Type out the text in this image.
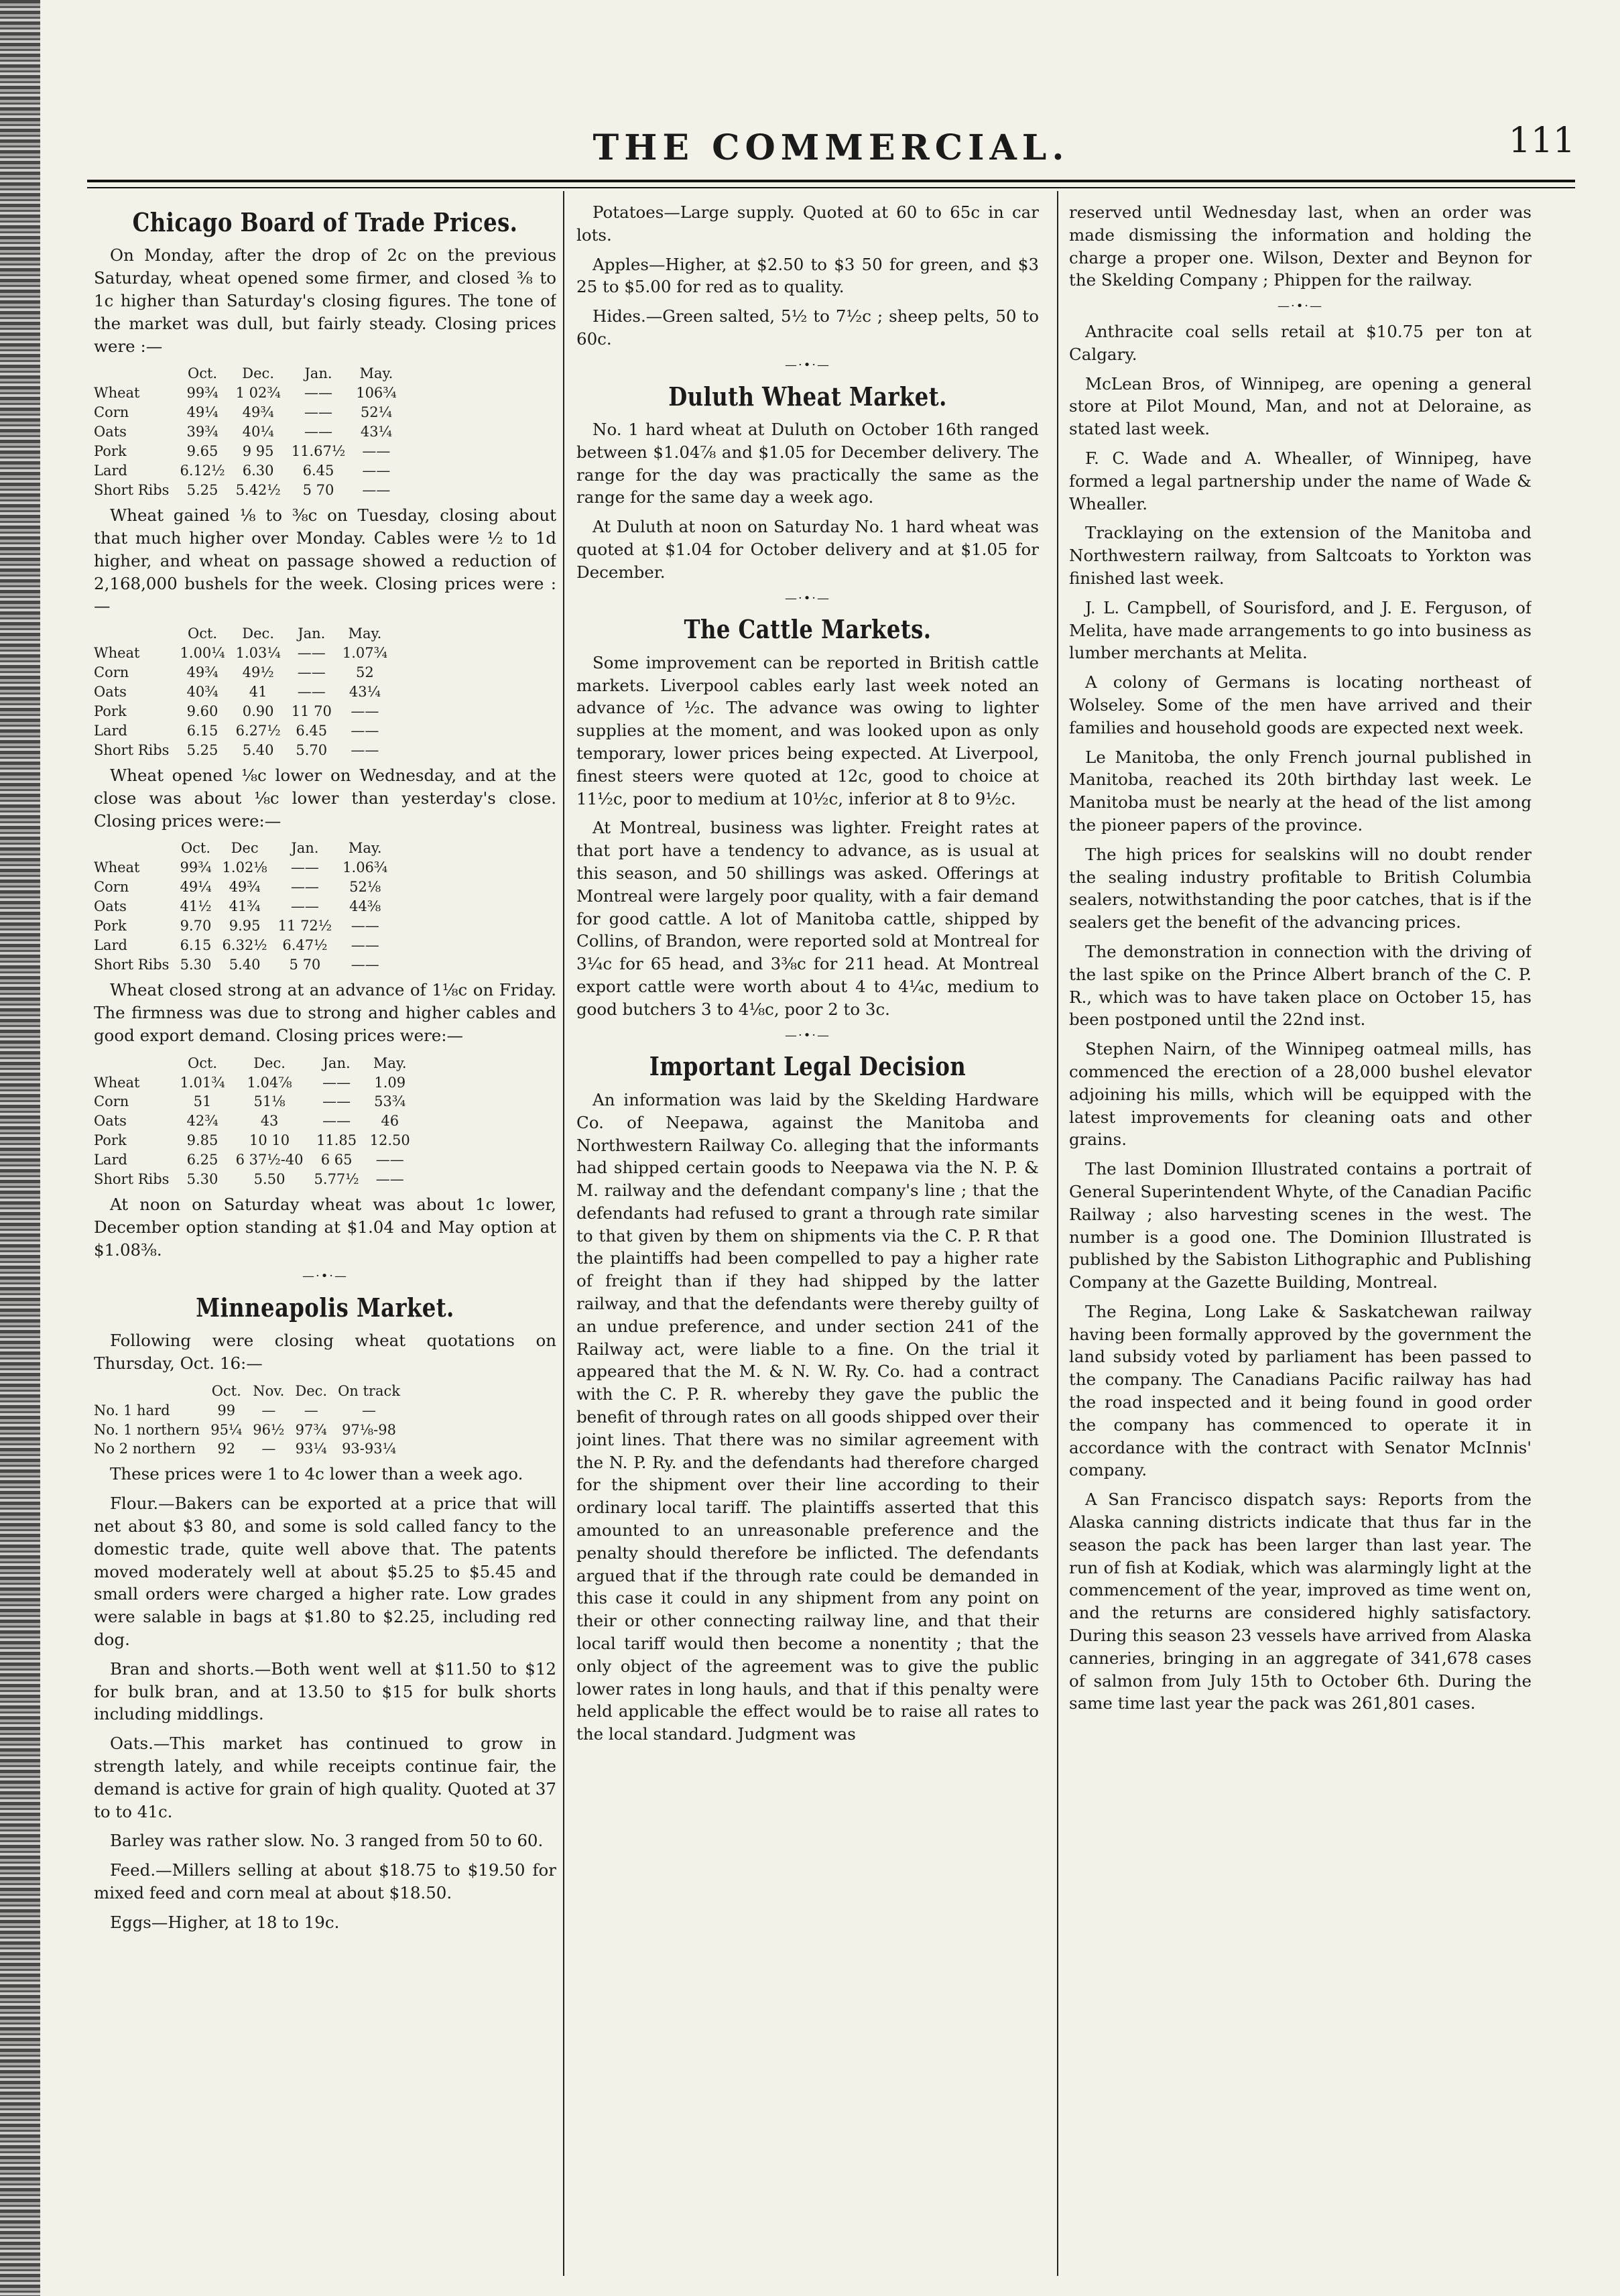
THE COMMERCIAL.	111
Chicago Board of Trade Prices.

On Monday, after the drop of 2c on the previous Saturday, wheat opened some firmer, and closed ⅜ to 1c higher than Saturday's closing figures. The tone of the market was dull, but fairly steady. Closing prices were :—

	Oct.	Dec.	Jan.	May.
Wheat	99¾	1 02¾	——	106¾
Corn	49¼	49¾	——	52¼
Oats	39¾	40¼	——	43¼
Pork	9.65	9 95	11.67½	——
Lard	6.12½	6.30	6.45	——
Short Ribs	5.25	5.42½	5 70	——

Wheat gained ⅛ to ⅜c on Tuesday, closing about that much higher over Monday. Cables were ½ to 1d higher, and wheat on passage showed a reduction of 2,168,000 bushels for the week. Closing prices were :—

	Oct.	Dec.	Jan.	May.
Wheat	1.00¼	1.03¼	——	1.07¾
Corn	49¾	49½	——	52
Oats	40¾	41	——	43¼
Pork	9.60	0.90	11 70	——
Lard	6.15	6.27½	6.45	——
Short Ribs	5.25	5.40	5.70	——

Wheat opened ⅛c lower on Wednesday, and at the close was about ⅛c lower than yesterday's close. Closing prices were:—

	Oct.	Dec	Jan.	May.
Wheat	99¾	1.02⅛	——	1.06¾
Corn	49¼	49¾	——	52⅛
Oats	41½	41¾	——	44⅜
Pork	9.70	9.95	11 72½	——
Lard	6.15	6.32½	6.47½	——
Short Ribs	5.30	5.40	5 70	——

Wheat closed strong at an advance of 1⅛c on Friday. The firmness was due to strong and higher cables and good export demand. Closing prices were:—

	Oct.	Dec.	Jan.	May.
Wheat	1.01¾	1.04⅞	——	1.09
Corn	51	51⅛	——	53¾
Oats	42¾	43	——	46
Pork	9.85	10 10	11.85	12.50
Lard	6.25	6 37½-40	6 65	——
Short Ribs	5.30	5.50	5.77½	——

At noon on Saturday wheat was about 1c lower, December option standing at $1.04 and May option at $1.08⅜.

—·•·—
Minneapolis Market.

Following were closing wheat quotations on Thursday, Oct. 16:—

	Oct.	Nov.	Dec.	On track
No. 1 hard	99	—	—	—
No. 1 northern	95¼	96½	97¾	97⅛-98
No 2 northern	92	—	93¼	93-93¼

These prices were 1 to 4c lower than a week ago.

Flour.—Bakers can be exported at a price that will net about $3 80, and some is sold called fancy to the domestic trade, quite well above that. The patents moved moderately well at about $5.25 to $5.45 and small orders were charged a higher rate. Low grades were salable in bags at $1.80 to $2.25, including red dog.

Bran and shorts.—Both went well at $11.50 to $12 for bulk bran, and at 13.50 to $15 for bulk shorts including middlings.

Oats.—This market has continued to grow in strength lately, and while receipts continue fair, the demand is active for grain of high quality. Quoted at 37 to to 41c.

Barley was rather slow. No. 3 ranged from 50 to 60.

Feed.—Millers selling at about $18.75 to $19.50 for mixed feed and corn meal at about $18.50.

Eggs—Higher, at 18 to 19c.

Potatoes—Large supply. Quoted at 60 to 65c in car lots.

Apples—Higher, at $2.50 to $3 50 for green, and $3 25 to $5.00 for red as to quality.

Hides.—Green salted, 5½ to 7½c ; sheep pelts, 50 to 60c.

—·•·—
Duluth Wheat Market.

No. 1 hard wheat at Duluth on October 16th ranged between $1.04⅞ and $1.05 for December delivery. The range for the day was practically the same as the range for the same day a week ago.

At Duluth at noon on Saturday No. 1 hard wheat was quoted at $1.04 for October delivery and at $1.05 for December.

—·•·—
The Cattle Markets.

Some improvement can be reported in British cattle markets. Liverpool cables early last week noted an advance of ½c. The advance was owing to lighter supplies at the moment, and was looked upon as only temporary, lower prices being expected. At Liverpool, finest steers were quoted at 12c, good to choice at 11½c, poor to medium at 10½c, inferior at 8 to 9½c.

At Montreal, business was lighter. Freight rates at that port have a tendency to advance, as is usual at this season, and 50 shillings was asked. Offerings at Montreal were largely poor quality, with a fair demand for good cattle. A lot of Manitoba cattle, shipped by Collins, of Brandon, were reported sold at Montreal for 3¼c for 65 head, and 3⅜c for 211 head. At Montreal export cattle were worth about 4 to 4¼c, medium to good butchers 3 to 4⅛c, poor 2 to 3c.

—·•·—
Important Legal Decision

An information was laid by the Skelding Hardware Co. of Neepawa, against the Manitoba and Northwestern Railway Co. alleging that the informants had shipped certain goods to Neepawa via the N. P. & M. railway and the defendant company's line ; that the defendants had refused to grant a through rate similar to that given by them on shipments via the C. P. R that the plaintiffs had been compelled to pay a higher rate of freight than if they had shipped by the latter railway, and that the defendants were thereby guilty of an undue preference, and under section 241 of the Railway act, were liable to a fine. On the trial it appeared that the M. & N. W. Ry. Co. had a contract with the C. P. R. whereby they gave the public the benefit of through rates on all goods shipped over their joint lines. That there was no similar agreement with the N. P. Ry. and the defendants had therefore charged for the shipment over their line according to their ordinary local tariff. The plaintiffs asserted that this amounted to an unreasonable preference and the penalty should therefore be inflicted. The defendants argued that if the through rate could be demanded in this case it could in any shipment from any point on their or other connecting railway line, and that their local tariff would then become a nonentity ; that the only object of the agreement was to give the public lower rates in long hauls, and that if this penalty were held applicable the effect would be to raise all rates to the local standard. Judgment was

reserved until Wednesday last, when an order was made dismissing the information and holding the charge a proper one. Wilson, Dexter and Beynon for the Skelding Company ; Phippen for the railway.

—·•·—

Anthracite coal sells retail at $10.75 per ton at Calgary.

McLean Bros, of Winnipeg, are opening a general store at Pilot Mound, Man, and not at Deloraine, as stated last week.

F. C. Wade and A. Whealler, of Winnipeg, have formed a legal partnership under the name of Wade & Whealler.

Tracklaying on the extension of the Manitoba and Northwestern railway, from Saltcoats to Yorkton was finished last week.

J. L. Campbell, of Sourisford, and J. E. Ferguson, of Melita, have made arrangements to go into business as lumber merchants at Melita.

A colony of Germans is locating northeast of Wolseley. Some of the men have arrived and their families and household goods are expected next week.

Le Manitoba, the only French journal published in Manitoba, reached its 20th birthday last week. Le Manitoba must be nearly at the head of the list among the pioneer papers of the province.

The high prices for sealskins will no doubt render the sealing industry profitable to British Columbia sealers, notwithstanding the poor catches, that is if the sealers get the benefit of the advancing prices.

The demonstration in connection with the driving of the last spike on the Prince Albert branch of the C. P. R., which was to have taken place on October 15, has been postponed until the 22nd inst.

Stephen Nairn, of the Winnipeg oatmeal mills, has commenced the erection of a 28,000 bushel elevator adjoining his mills, which will be equipped with the latest improvements for cleaning oats and other grains.

The last Dominion Illustrated contains a portrait of General Superintendent Whyte, of the Canadian Pacific Railway ; also harvesting scenes in the west. The number is a good one. The Dominion Illustrated is published by the Sabiston Lithographic and Publishing Company at the Gazette Building, Montreal.

The Regina, Long Lake & Saskatchewan railway having been formally approved by the government the land subsidy voted by parliament has been passed to the company. The Canadians Pacific railway has had the road inspected and it being found in good order the company has commenced to operate it in accordance with the contract with Senator McInnis' company.

A San Francisco dispatch says: Reports from the Alaska canning districts indicate that thus far in the season the pack has been larger than last year. The run of fish at Kodiak, which was alarmingly light at the commencement of the year, improved as time went on, and the returns are considered highly satisfactory. During this season 23 vessels have arrived from Alaska canneries, bringing in an aggregate of 341,678 cases of salmon from July 15th to October 6th. During the same time last year the pack was 261,801 cases.
